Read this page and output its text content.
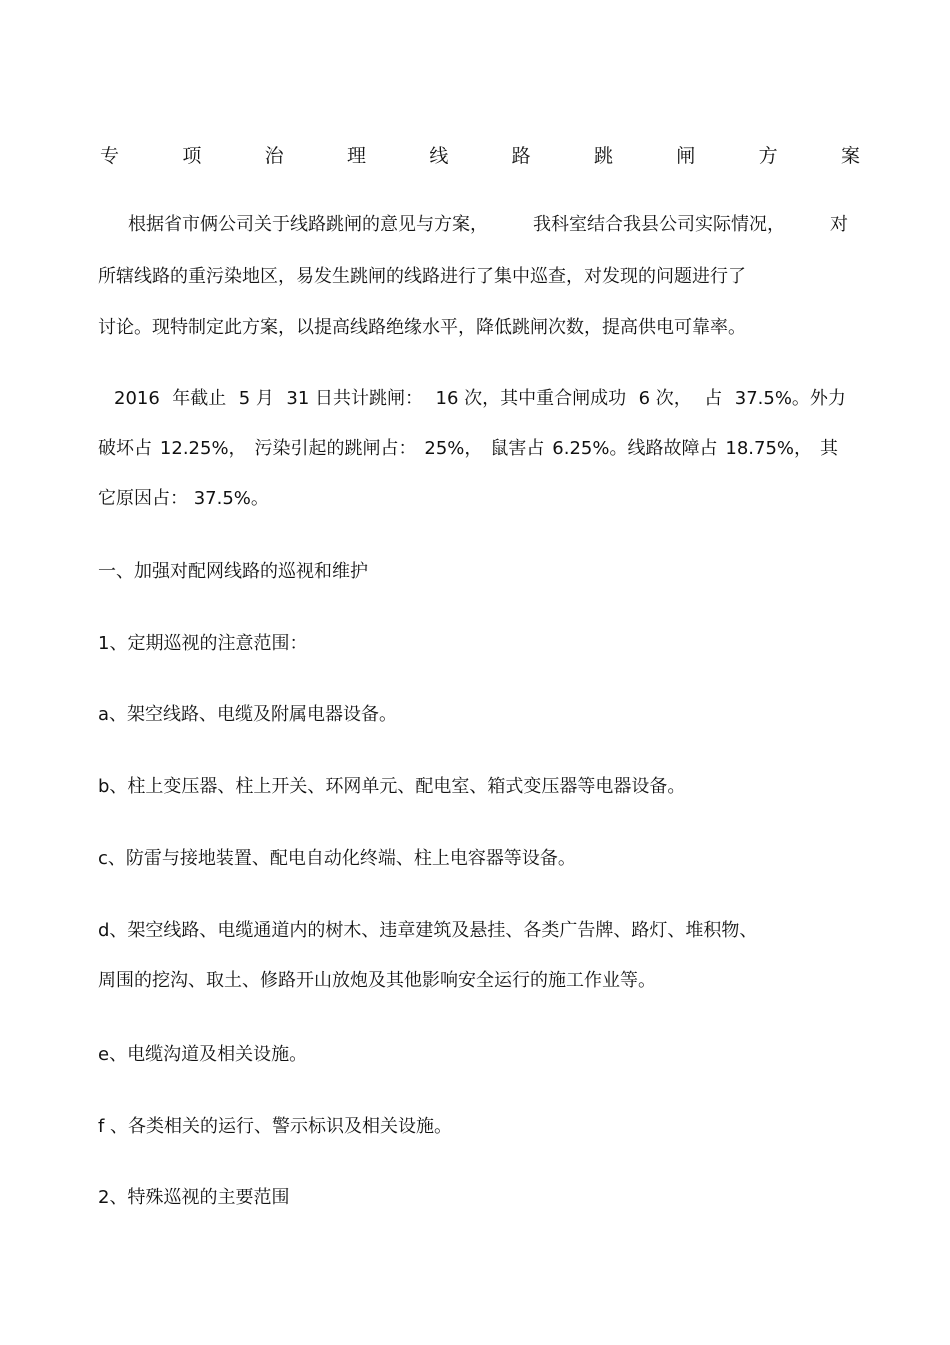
专	项	治	理	线	路	跳	闸	方	案
根据省市俩公司关于线路跳闸的意见与方案，	我科室结合我县公司实际情况，	对
所辖线路的重污染地区，易发生跳闸的线路进行了集中巡查，对发现的问题进行了
讨论。现特制定此方案，以提高线路绝缘水平，降低跳闸次数，提高供电可靠率。
2016 年截止 5 月 31 日共计跳闸： 16 次，其中重合闸成功 6 次， 占 37.5%。外力
破坏占 12.25%， 污染引起的跳闸占： 25%， 鼠害占 6.25%。线路故障占 18.75%， 其
它原因占： 37.5%。
一、加强对配网线路的巡视和维护
1、定期巡视的注意范围：
a、架空线路、电缆及附属电器设备。
b、柱上变压器、柱上开关、环网单元、配电室、箱式变压器等电器设备。
c、防雷与接地装置、配电自动化终端、柱上电容器等设备。
d、架空线路、电缆通道内的树木、违章建筑及悬挂、各类广告牌、路灯、堆积物、
周围的挖沟、取土、修路开山放炮及其他影响安全运行的施工作业等。
e、电缆沟道及相关设施。
f 、各类相关的运行、警示标识及相关设施。
2、特殊巡视的主要范围
